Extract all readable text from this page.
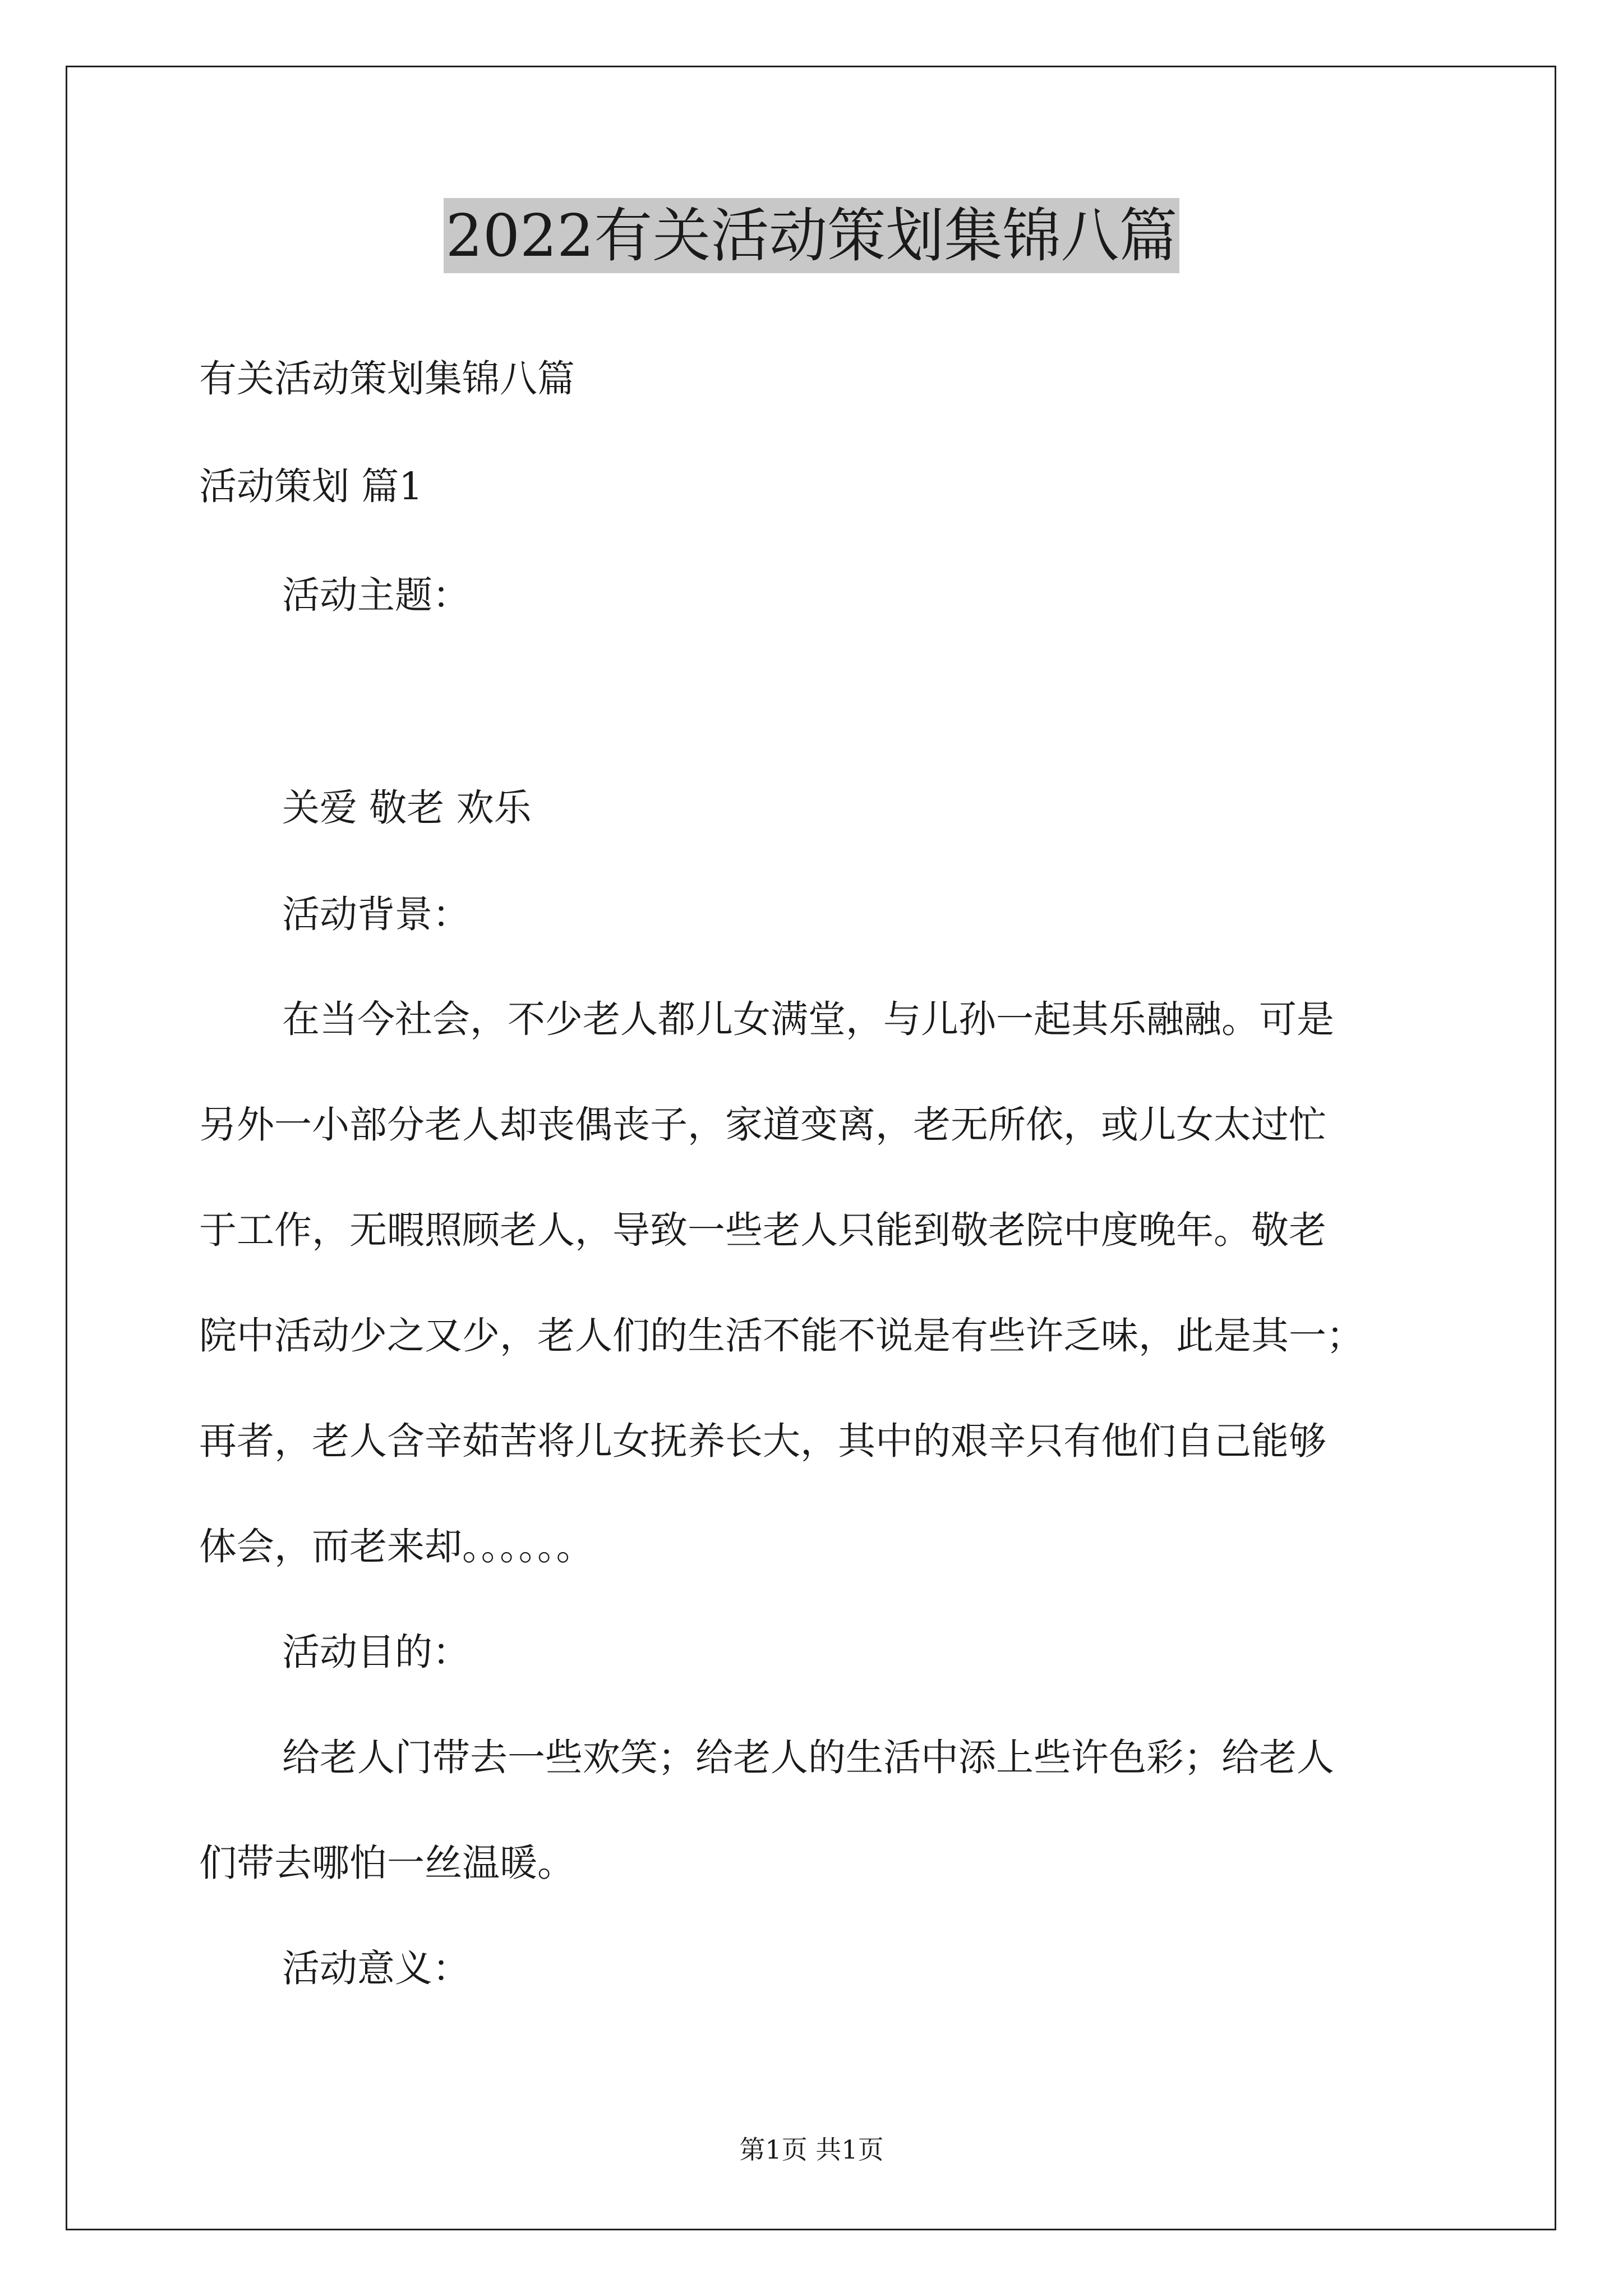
2022有关活动策划集锦八篇
有关活动策划集锦八篇
活动策划 篇1
活动主题：
关爱 敬老 欢乐
活动背景：
在当今社会，不少老人都儿女满堂，与儿孙一起其乐融融。可是
另外一小部分老人却丧偶丧子，家道变离，老无所依，或儿女太过忙
于工作，无暇照顾老人，导致一些老人只能到敬老院中度晚年。敬老
院中活动少之又少，老人们的生活不能不说是有些许乏味，此是其一；
再者，老人含辛茹苦将儿女抚养长大，其中的艰辛只有他们自己能够
体会，而老来却。。。。。。
活动目的：
给老人门带去一些欢笑；给老人的生活中添上些许色彩；给老人
们带去哪怕一丝温暖。
活动意义：
第1页 共1页
